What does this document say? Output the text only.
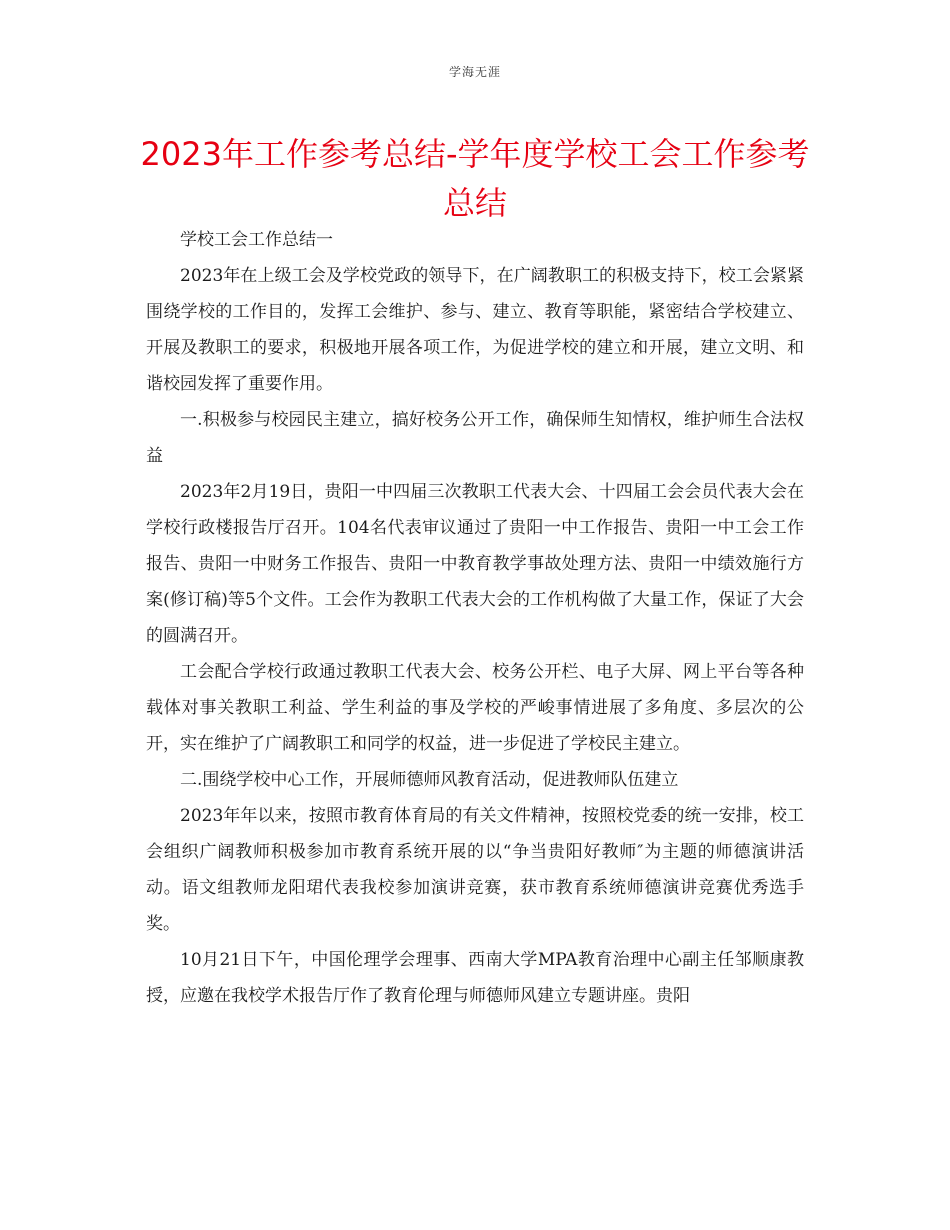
学海无涯
2023年工作参考总结-学年度学校工会工作参考总结

学校工会工作总结一

2023年在上级工会及学校党政的领导下，在广阔教职工的积极支持下，校工会紧紧围绕学校的工作目的，发挥工会维护、参与、建立、教育等职能，紧密结合学校建立、开展及教职工的要求，积极地开展各项工作，为促进学校的建立和开展，建立文明、和谐校园发挥了重要作用。

一.积极参与校园民主建立，搞好校务公开工作，确保师生知情权，维护师生合法权益

2023年2月19日，贵阳一中四届三次教职工代表大会、十四届工会会员代表大会在学校行政楼报告厅召开。104名代表审议通过了贵阳一中工作报告、贵阳一中工会工作报告、贵阳一中财务工作报告、贵阳一中教育教学事故处理方法、贵阳一中绩效施行方案(修订稿)等5个文件。工会作为教职工代表大会的工作机构做了大量工作，保证了大会的圆满召开。

工会配合学校行政通过教职工代表大会、校务公开栏、电子大屏、网上平台等各种载体对事关教职工利益、学生利益的事及学校的严峻事情进展了多角度、多层次的公开，实在维护了广阔教职工和同学的权益，进一步促进了学校民主建立。

二.围绕学校中心工作，开展师德师风教育活动，促进教师队伍建立

2023年年以来，按照市教育体育局的有关文件精神，按照校党委的统一安排，校工会组织广阔教师积极参加市教育系统开展的以“争当贵阳好教师″为主题的师德演讲活动。语文组教师龙阳珺代表我校参加演讲竞赛，获市教育系统师德演讲竞赛优秀选手奖。

10月21日下午，中国伦理学会理事、西南大学MPA教育治理中心副主任邹顺康教授，应邀在我校学术报告厅作了教育伦理与师德师风建立专题讲座。贵阳
